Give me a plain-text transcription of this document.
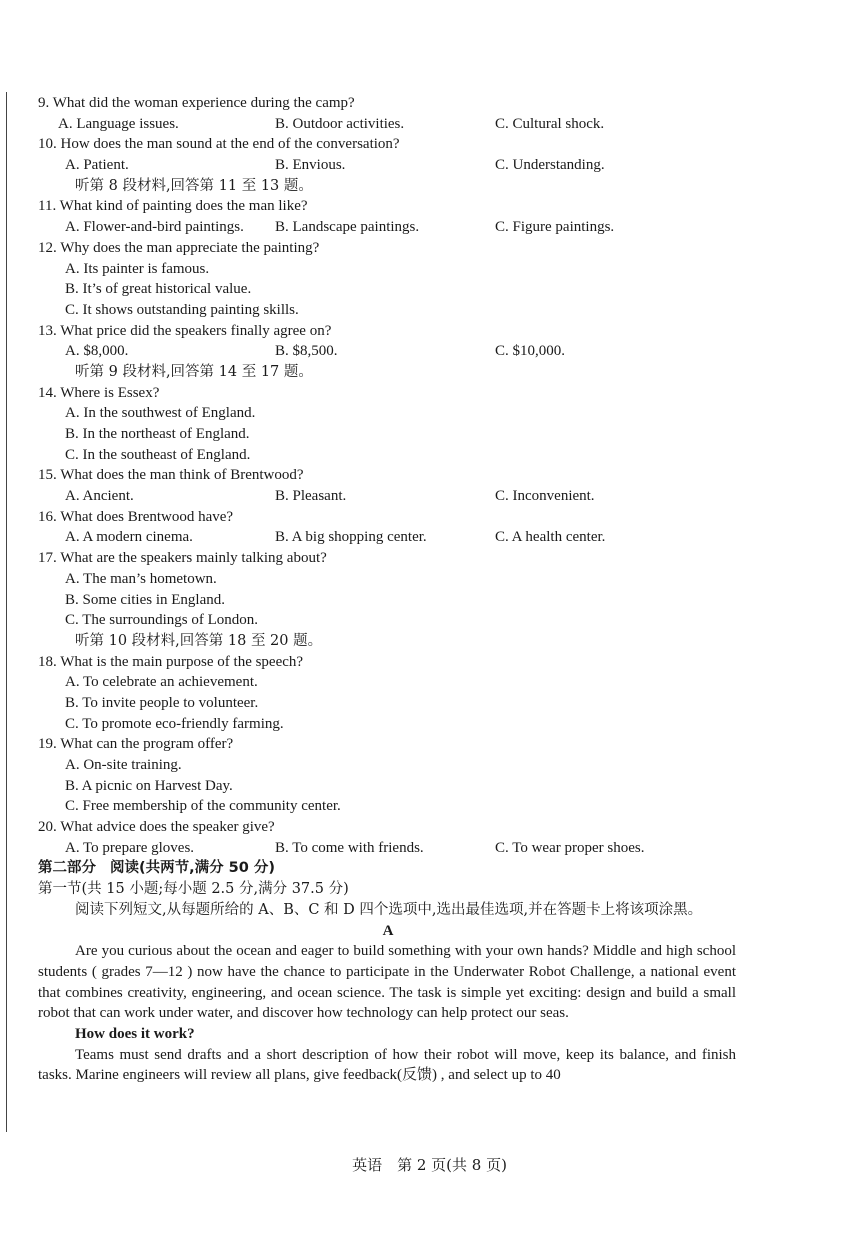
9. What did the woman experience during the camp?
A. Language issues.	B. Outdoor activities.	C. Cultural shock.
10. How does the man sound at the end of the conversation?
A. Patient.	B. Envious.	C. Understanding.
听第 8 段材料,回答第 11 至 13 题。
11. What kind of painting does the man like?
A. Flower-and-bird paintings. B. Landscape paintings.	C. Figure paintings.
12. Why does the man appreciate the painting?
A. Its painter is famous.
B. It’s of great historical value.
C. It shows outstanding painting skills.
13. What price did the speakers finally agree on?
A. $8,000.	B. $8,500.	C. $10,000.
听第 9 段材料,回答第 14 至 17 题。
14. Where is Essex?
A. In the southwest of England.
B. In the northeast of England.
C. In the southeast of England.
15. What does the man think of Brentwood?
A. Ancient.	B. Pleasant.	C. Inconvenient.
16. What does Brentwood have?
A. A modern cinema.	B. A big shopping center.	C. A health center.
17. What are the speakers mainly talking about?
A. The man’s hometown.
B. Some cities in England.
C. The surroundings of London.
听第 10 段材料,回答第 18 至 20 题。
18. What is the main purpose of the speech?
A. To celebrate an achievement.
B. To invite people to volunteer.
C. To promote eco-friendly farming.
19. What can the program offer?
A. On-site training.
B. A picnic on Harvest Day.
C. Free membership of the community center.
20. What advice does the speaker give?
A. To prepare gloves.	B. To come with friends.	C. To wear proper shoes.
第二部分 阅读(共两节,满分 50 分)
第一节(共 15 小题;每小题 2.5 分,满分 37.5 分)
阅读下列短文,从每题所给的 A、B、C 和 D 四个选项中,选出最佳选项,并在答题卡上将该项涂黑。
A
Are you curious about the ocean and eager to build something with your own hands? Middle and high school students ( grades 7—12 ) now have the chance to participate in the Underwater Robot Challenge, a national event that combines creativity, engineering, and ocean science. The task is simple yet exciting: design and build a small robot that can work under water, and discover how technology can help protect our seas.
How does it work?
Teams must send drafts and a short description of how their robot will move, keep its balance, and finish tasks. Marine engineers will review all plans, give feedback(反馈) , and select up to 40
英语　第 2 页(共 8 页)
